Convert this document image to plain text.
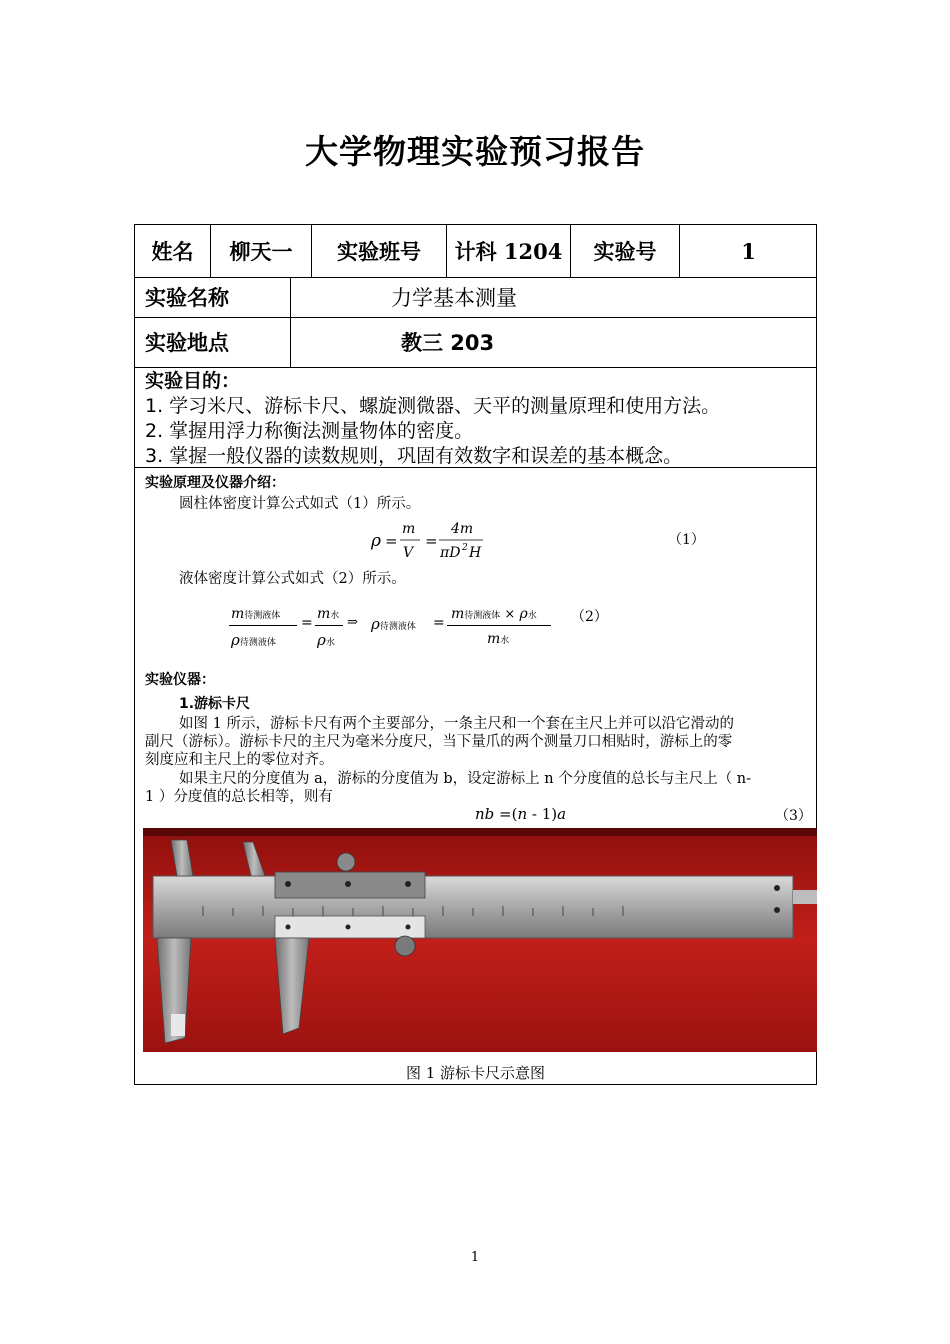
大学物理实验预习报告
姓名	柳天一	实验班号	计科 1204	实验号	1
实验名称	力学基本测量
实验地点	教三 203
实验目的：
1. 学习米尺、游标卡尺、螺旋测微器、天平的测量原理和使用方法。
2. 掌握用浮力称衡法测量物体的密度。
3. 掌握一般仪器的读数规则，巩固有效数字和误差的基本概念。
实验原理及仪器介绍：
圆柱体密度计算公式如式（1）所示。
ρ =
m
V
=
4m
πD 2 H
（1）
液体密度计算公式如式（2）所示。
m待测液体
ρ待测液体
=
m水
ρ水
⇒ ρ待测液体 =
m待测液体 × ρ水
m水
（2）
实验仪器：
1.游标卡尺
如图 1 所示，游标卡尺有两个主要部分，一条主尺和一个套在主尺上并可以沿它滑动的
副尺（游标）。游标卡尺的主尺为毫米分度尺，当下量爪的两个测量刀口相贴时，游标上的零
刻度应和主尺上的零位对齐。
如果主尺的分度值为 a，游标的分度值为 b，设定游标上 n 个分度值的总长与主尺上（ n-
1 ）分度值的总长相等，则有
nb =(n - 1)a	（3）
图 1 游标卡尺示意图
1
